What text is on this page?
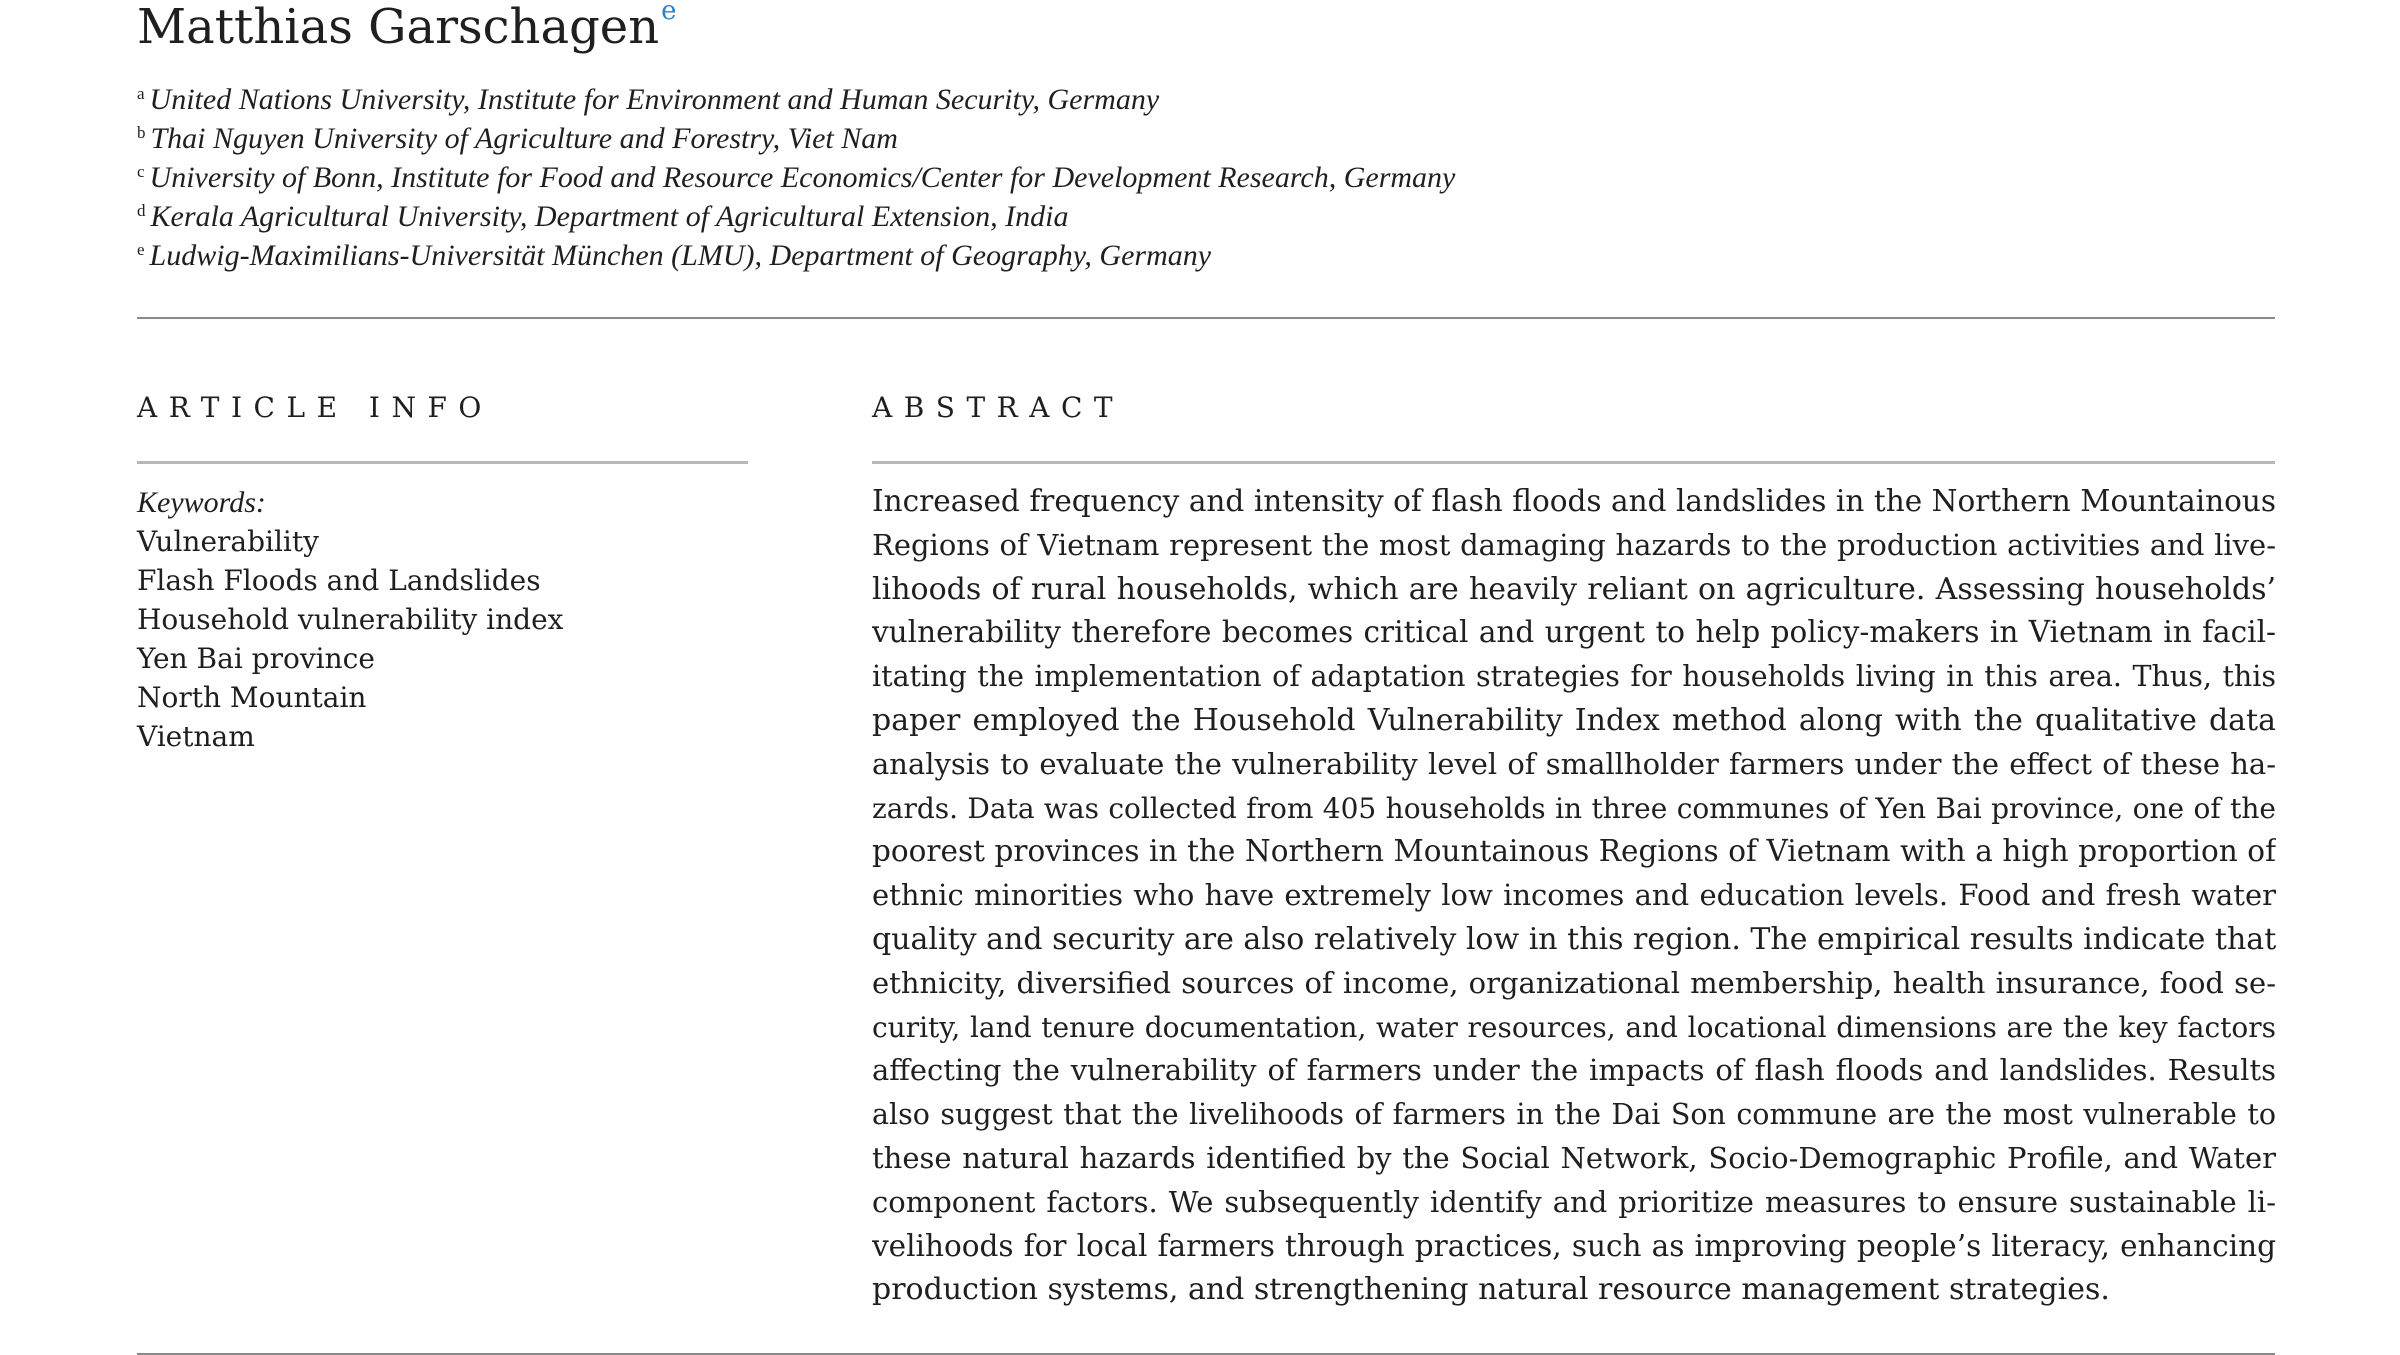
Matthias Garschagen$^e$
$^a$ United Nations University, Institute for Environment and Human Security, Germany
$^b$ Thai Nguyen University of Agriculture and Forestry, Viet Nam
$^c$ University of Bonn, Institute for Food and Resource Economics/Center for Development Research, Germany
$^d$ Kerala Agricultural University, Department of Agricultural Extension, India
$^e$ Ludwig-Maximilians-Universität München (LMU), Department of Geography, Germany
ARTICLE INFO	ABSTRACT
Keywords:
Vulnerability
Flash Floods and Landslides
Household vulnerability index
Yen Bai province
North Mountain
Vietnam
Increased frequency and intensity of flash floods and landslides in the Northern Mountainous
Regions of Vietnam represent the most damaging hazards to the production activities and live-
lihoods of rural households, which are heavily reliant on agriculture. Assessing households’
vulnerability therefore becomes critical and urgent to help policy-makers in Vietnam in facil-
itating the implementation of adaptation strategies for households living in this area. Thus, this
paper employed the Household Vulnerability Index method along with the qualitative data
analysis to evaluate the vulnerability level of smallholder farmers under the effect of these ha-
zards. Data was collected from 405 households in three communes of Yen Bai province, one of the
poorest provinces in the Northern Mountainous Regions of Vietnam with a high proportion of
ethnic minorities who have extremely low incomes and education levels. Food and fresh water
quality and security are also relatively low in this region. The empirical results indicate that
ethnicity, diversified sources of income, organizational membership, health insurance, food se-
curity, land tenure documentation, water resources, and locational dimensions are the key factors
affecting the vulnerability of farmers under the impacts of flash floods and landslides. Results
also suggest that the livelihoods of farmers in the Dai Son commune are the most vulnerable to
these natural hazards identified by the Social Network, Socio-Demographic Profile, and Water
component factors. We subsequently identify and prioritize measures to ensure sustainable li-
velihoods for local farmers through practices, such as improving people’s literacy, enhancing
production systems, and strengthening natural resource management strategies.
